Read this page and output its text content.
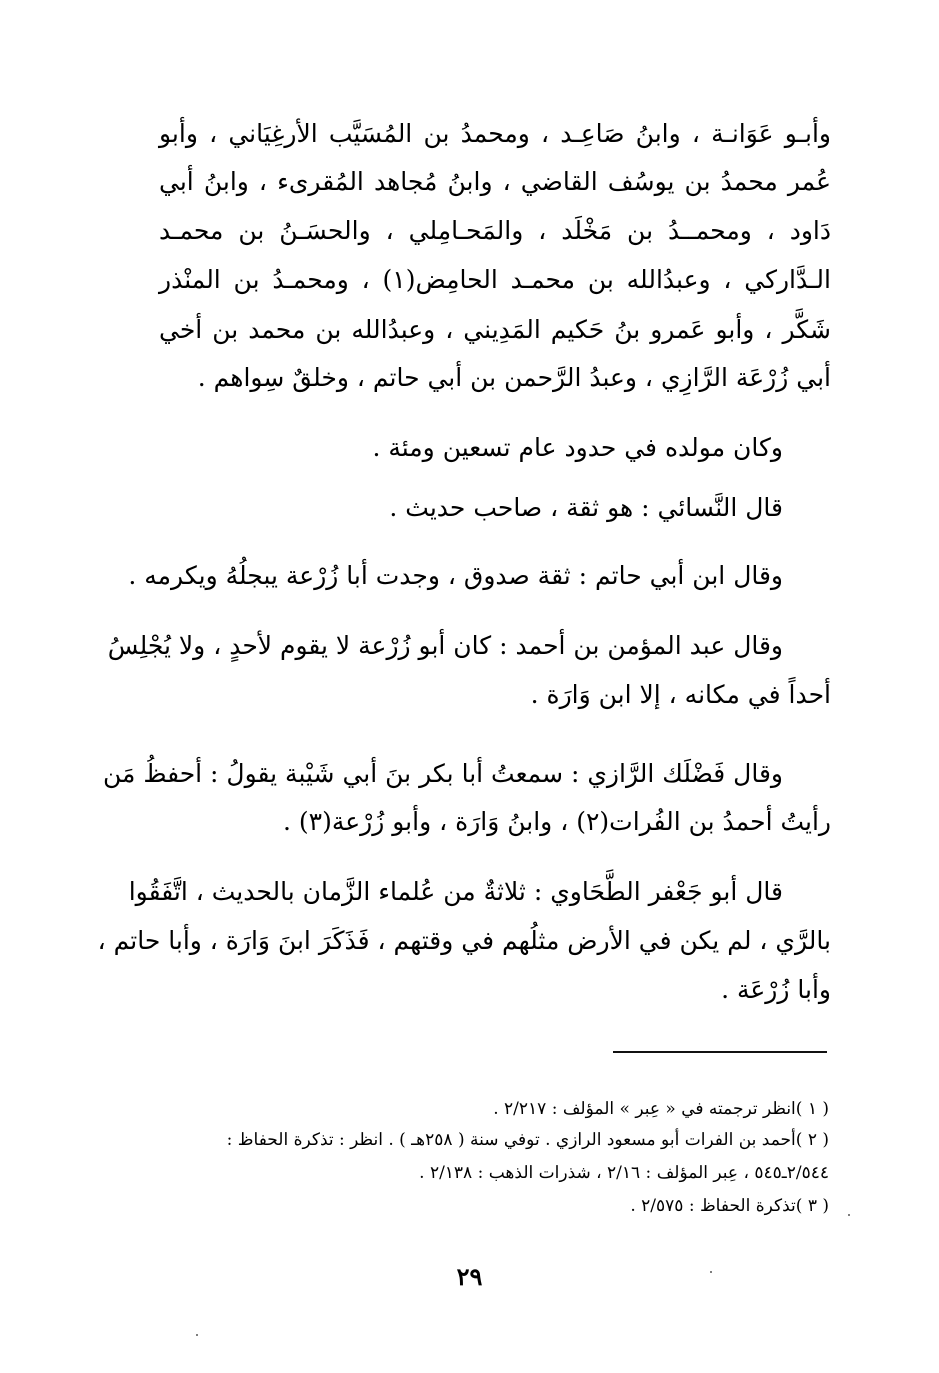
وأبـو عَوَانـة ، وابنُ صَاعِـد ، ومحمدُ بن المُسَيَّب الأرغِيَاني ، وأبو
عُمر محمدُ بن يوسُف القاضي ، وابنُ مُجاهد المُقرىء ، وابنُ أبي
دَاود ، ومحمــدُ بن مَخْلَد ، والمَحـامِلي ، والحسَـنُ بن محمـد
الـدَّاركي ، وعبدُالله بن محمـد الحامِض(١) ، ومحمـدُ بن المنْذر
شَكَّر ، وأبو عَمرو بنُ حَكيم المَدِيني ، وعبدُالله بن محمد بن أخي
أبي زُرْعَة الرَّازِي ، وعبدُ الرَّحمن بن أبي حاتم ، وخلقٌ سِواهم .
وكان مولده في حدود عام تسعين ومئة .
قال النَّسائي : هو ثقة ، صاحب حديث .
وقال ابن أبي حاتم : ثقة صدوق ، وجدت أبا زُرْعة يبجلُهُ ويكرمه .
وقال عبد المؤمن بن أحمد : كان أبو زُرْعة لا يقوم لأحدٍ ، ولا يُجْلِسُ
أحداً في مكانه ، إلا ابن وَارَة .
وقال فَضْلَك الرَّازي : سمعتُ أبا بكر بنَ أبي شَيْبة يقولُ : أحفظُ مَن
رأيتُ أحمدُ بن الفُرات(٢) ، وابنُ وَارَة ، وأبو زُرْعة(٣) .
قال أبو جَعْفر الطَّحَاوي : ثلاثةٌ من عُلماء الزَّمان بالحديث ، اتَّفَقُوا
بالرَّي ، لم يكن في الأرض مثلُهم في وقتهم ، فَذَكَرَ ابنَ وَارَة ، وأبا حاتم ،
وأبا زُرْعَة .
( ١ )انظر ترجمته في « عِبر » المؤلف : ٢/٢١٧ .
( ٢ )أحمد بن الفرات أبو مسعود الرازي . توفي سنة ( ٢٥٨هـ ) . انظر : تذكرة الحفاظ :
٢/٥٤٤ـ٥٤٥ ، عِبر المؤلف : ٢/١٦ ، شذرات الذهب : ٢/١٣٨ .
( ٣ )تذكرة الحفاظ : ٢/٥٧٥ .
٢٩
